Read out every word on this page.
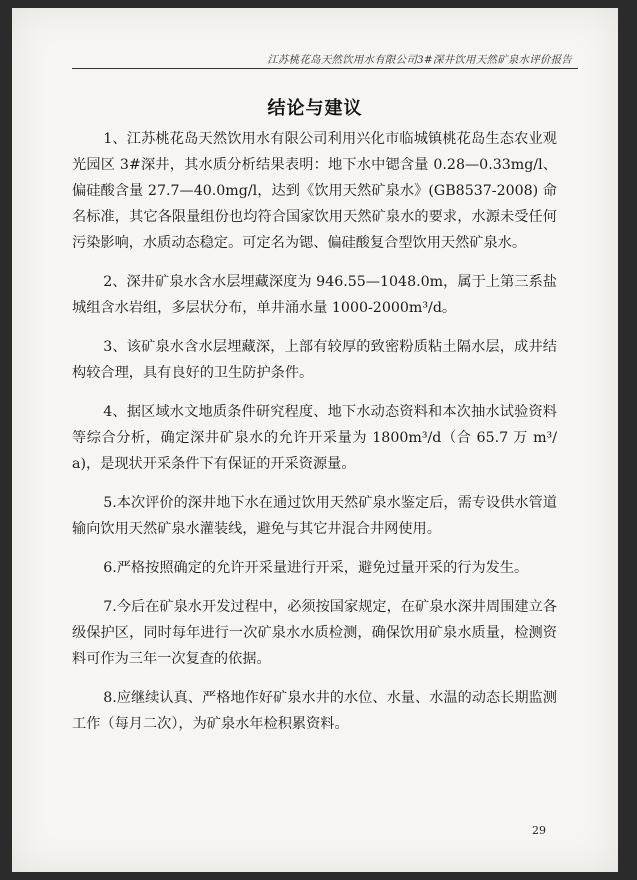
江苏桃花岛天然饮用水有限公司3#深井饮用天然矿泉水评价报告
结论与建议

1、江苏桃花岛天然饮用水有限公司利用兴化市临城镇桃花岛生态农业观光园区 3#深井，其水质分析结果表明：地下水中锶含量 0.28—0.33mg/l、偏硅酸含量 27.7—40.0mg/l，达到《饮用天然矿泉水》(GB8537-2008) 命名标准，其它各限量组份也均符合国家饮用天然矿泉水的要求，水源未受任何污染影响，水质动态稳定。可定名为锶、偏硅酸复合型饮用天然矿泉水。

2、深井矿泉水含水层埋藏深度为 946.55—1048.0m，属于上第三系盐城组含水岩组，多层状分布，单井涌水量 1000-2000m³/d。

3、该矿泉水含水层埋藏深，上部有较厚的致密粉质粘土隔水层，成井结构较合理，具有良好的卫生防护条件。

4、据区域水文地质条件研究程度、地下水动态资料和本次抽水试验资料等综合分析，确定深井矿泉水的允许开采量为 1800m³/d（合 65.7 万 m³/a)，是现状开采条件下有保证的开采资源量。

5.本次评价的深井地下水在通过饮用天然矿泉水鉴定后，需专设供水管道输向饮用天然矿泉水灌装线，避免与其它井混合井网使用。

6.严格按照确定的允许开采量进行开采，避免过量开采的行为发生。

7.今后在矿泉水开发过程中，必须按国家规定，在矿泉水深井周围建立各级保护区，同时每年进行一次矿泉水水质检测，确保饮用矿泉水质量，检测资料可作为三年一次复查的依据。

8.应继续认真、严格地作好矿泉水井的水位、水量、水温的动态长期监测工作（每月二次），为矿泉水年检积累资料。

29
